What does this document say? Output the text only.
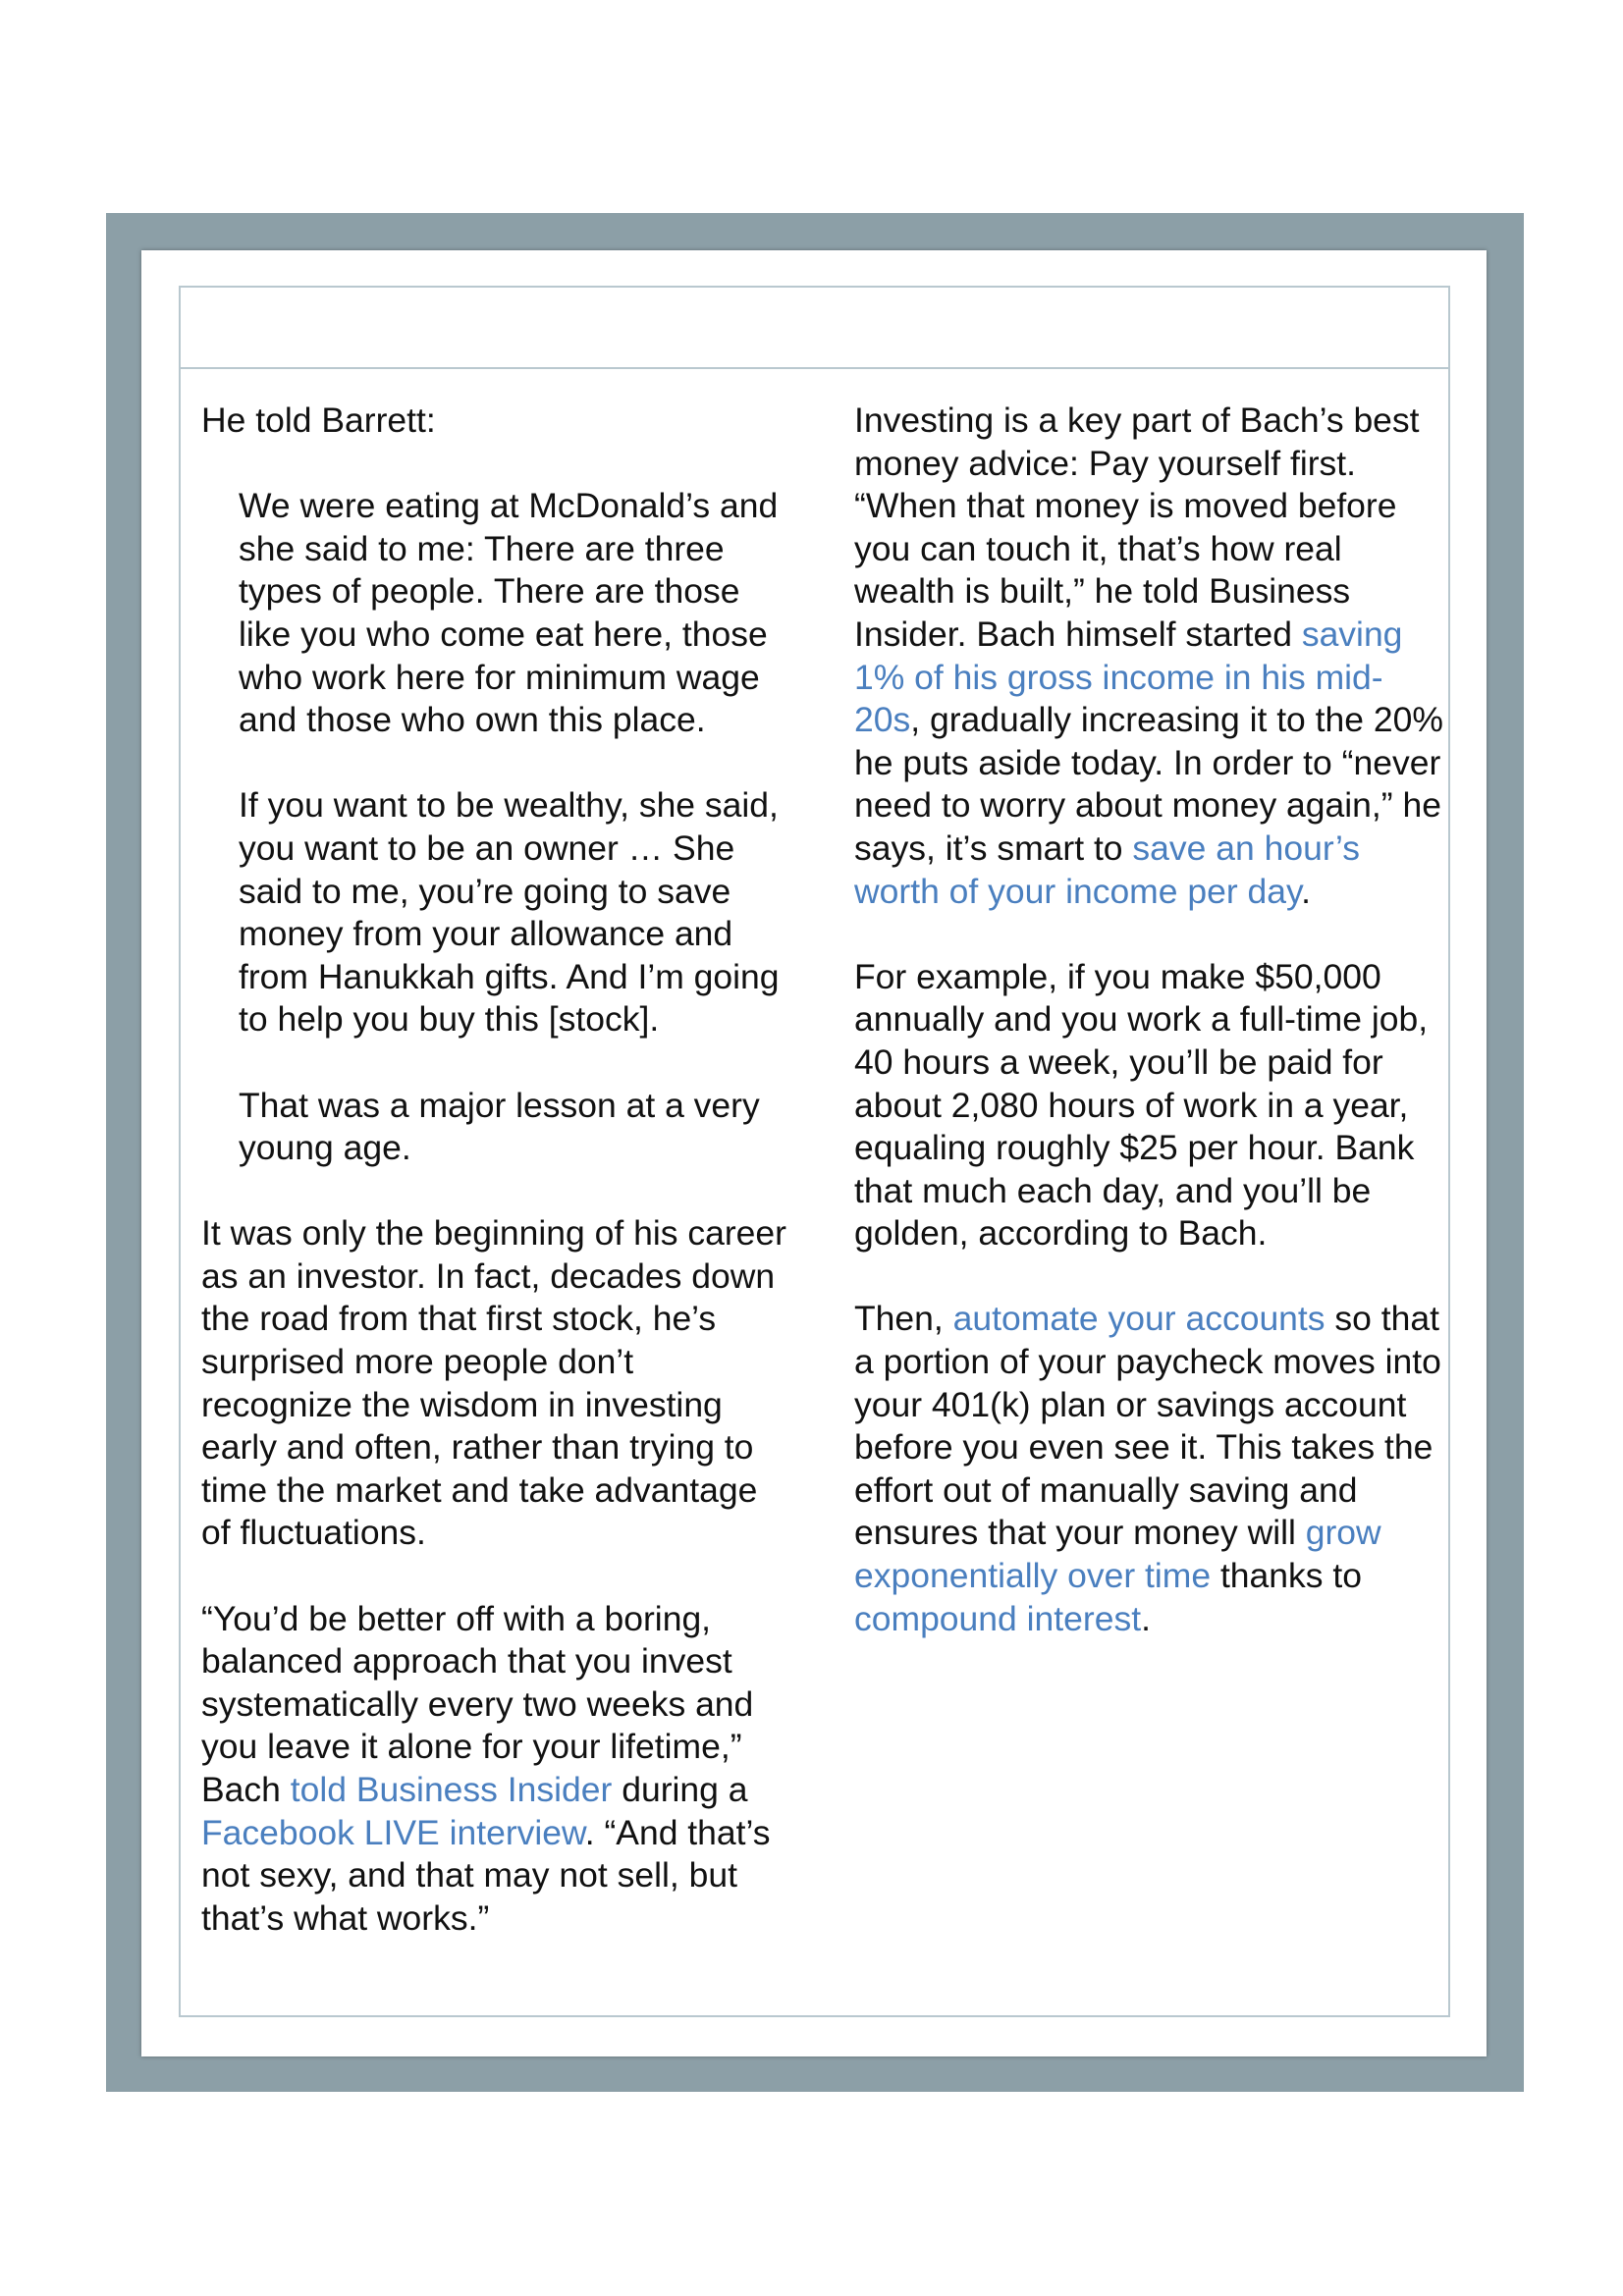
He told Barrett:

We were eating at McDonald’s and she said to me: There are three types of people. There are those like you who come eat here, those who work here for minimum wage and those who own this place.

If you want to be wealthy, she said, you want to be an owner … She said to me, you’re going to save money from your allowance and from Hanukkah gifts. And I’m going to help you buy this [stock].

That was a major lesson at a very young age.

It was only the beginning of his career as an investor. In fact, decades down the road from that first stock, he’s surprised more people don’t recognize the wisdom in investing early and often, rather than trying to time the market and take advantage of fluctuations.

“You’d be better off with a boring, balanced approach that you invest systematically every two weeks and you leave it alone for your lifetime,” Bach told Business Insider during a Facebook LIVE interview. “And that’s not sexy, and that may not sell, but that’s what works.”

Investing is a key part of Bach’s best money advice: Pay yourself first. “When that money is moved before you can touch it, that’s how real wealth is built,” he told Business Insider. Bach himself started saving 1% of his gross income in his mid-20s, gradually increasing it to the 20% he puts aside today. In order to “never need to worry about money again,” he says, it’s smart to save an hour’s worth of your income per day.

For example, if you make $50,000 annually and you work a full-time job, 40 hours a week, you’ll be paid for about 2,080 hours of work in a year, equaling roughly $25 per hour. Bank that much each day, and you’ll be golden, according to Bach.

Then, automate your accounts so that a portion of your paycheck moves into your 401(k) plan or savings account before you even see it. This takes the effort out of manually saving and ensures that your money will grow exponentially over time thanks to compound interest.
